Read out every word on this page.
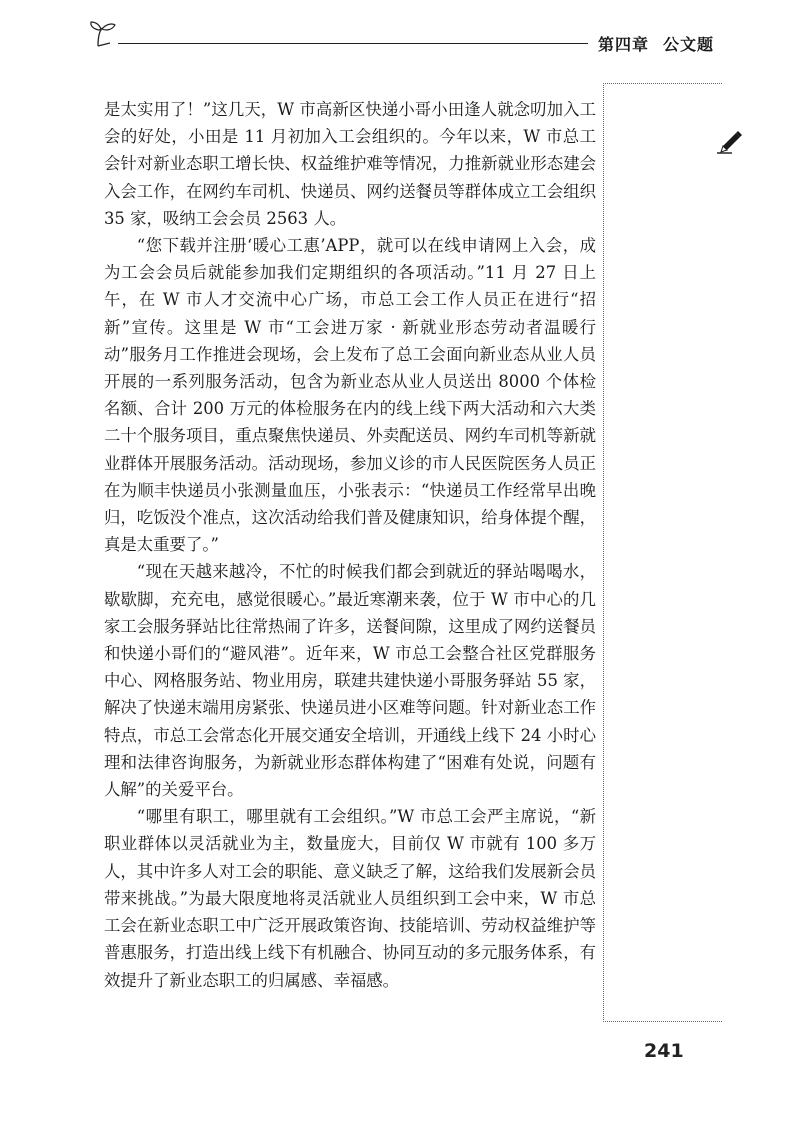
第四章 公文题

是太实用了！”这几天，W 市高新区快递小哥小田逢人就念叨加入工会的好处，小田是 11 月初加入工会组织的。今年以来，W 市总工会针对新业态职工增长快、权益维护难等情况，力推新就业形态建会入会工作，在网约车司机、快递员、网约送餐员等群体成立工会组织 35 家，吸纳工会会员 2563 人。

“您下载并注册‘暖心工惠’APP，就可以在线申请网上入会，成为工会会员后就能参加我们定期组织的各项活动。”11 月 27 日上午，在 W 市人才交流中心广场，市总工会工作人员正在进行“招新”宣传。这里是 W 市“工会进万家 · 新就业形态劳动者温暖行动”服务月工作推进会现场，会上发布了总工会面向新业态从业人员开展的一系列服务活动，包含为新业态从业人员送出 8000 个体检名额、合计 200 万元的体检服务在内的线上线下两大活动和六大类二十个服务项目，重点聚焦快递员、外卖配送员、网约车司机等新就业群体开展服务活动。活动现场，参加义诊的市人民医院医务人员正在为顺丰快递员小张测量血压，小张表示：“快递员工作经常早出晚归，吃饭没个准点，这次活动给我们普及健康知识，给身体提个醒，真是太重要了。”

“现在天越来越冷，不忙的时候我们都会到就近的驿站喝喝水，歇歇脚，充充电，感觉很暖心。”最近寒潮来袭，位于 W 市中心的几家工会服务驿站比往常热闹了许多，送餐间隙，这里成了网约送餐员和快递小哥们的“避风港”。近年来，W 市总工会整合社区党群服务中心、网格服务站、物业用房，联建共建快递小哥服务驿站 55 家，解决了快递末端用房紧张、快递员进小区难等问题。针对新业态工作特点，市总工会常态化开展交通安全培训，开通线上线下 24 小时心理和法律咨询服务，为新就业形态群体构建了“困难有处说，问题有人解”的关爱平台。

“哪里有职工，哪里就有工会组织。”W 市总工会严主席说，“新职业群体以灵活就业为主，数量庞大，目前仅 W 市就有 100 多万人，其中许多人对工会的职能、意义缺乏了解，这给我们发展新会员带来挑战。”为最大限度地将灵活就业人员组织到工会中来，W 市总工会在新业态职工中广泛开展政策咨询、技能培训、劳动权益维护等普惠服务，打造出线上线下有机融合、协同互动的多元服务体系，有效提升了新业态职工的归属感、幸福感。

241
